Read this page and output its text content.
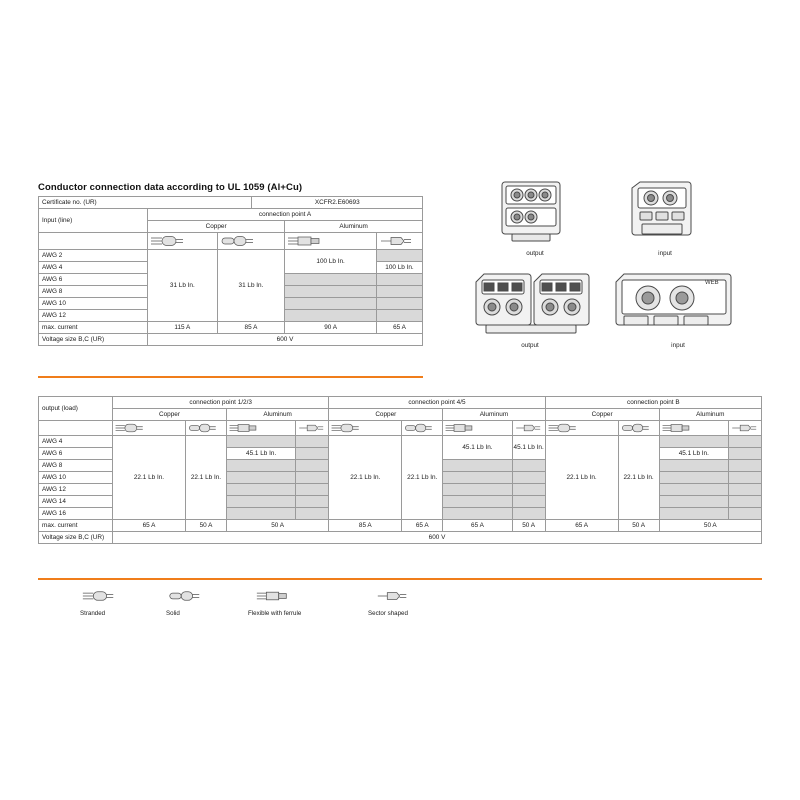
Conductor connection data according to UL 1059 (Al+Cu)
Certificate no. (UR)			XCFR2.E60693		
Input (line)	connection point A				
	Copper			Aluminum	

AWG 2	31 Lb In.	31 Lb In.		100 Lb In.	
AWG 4					100 Lb In.
AWG 6					
AWG 8					
AWG 10					
AWG 12					
max. current	115 A	85 A		90 A	65 A
Voltage size B,C (UR)	600 V				
output (load)	connection point 1/2/3				connection point 4/5				connection point B			
	Copper		Aluminum		Copper		Aluminum		Copper		Aluminum	

AWG 4	22.1 Lb In.	22.1 Lb In.			22.1 Lb In.	22.1 Lb In.	45.1 Lb In.	45.1 Lb In.	22.1 Lb In.	22.1 Lb In.		
AWG 6			45.1 Lb In.								45.1 Lb In.	
AWG 8												
AWG 10												
AWG 12												
AWG 14												
AWG 16												
max. current	65 A	50 A	50 A		85 A	65 A	65 A	50 A	65 A	50 A	50 A	
Voltage size B,C (UR)	600 V											
Stranded	Solid	Flexible with ferrule	Sector shaped
output	input
output
WEB
input
